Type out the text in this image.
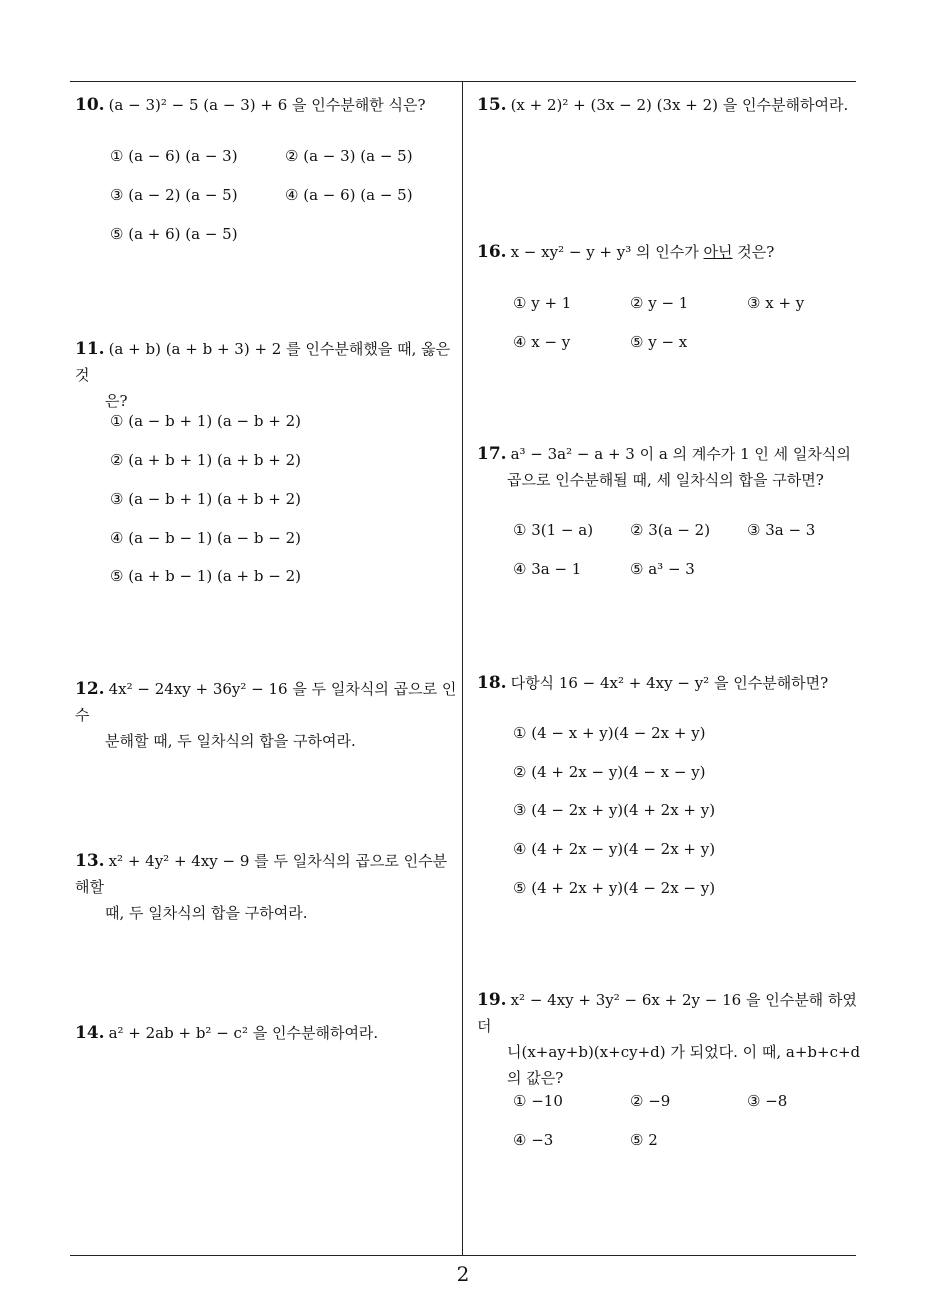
10. (a − 3)² − 5 (a − 3) + 6 을 인수분해한 식은?
① (a − 6) (a − 3)	② (a − 3) (a − 5)
③ (a − 2) (a − 5)	④ (a − 6) (a − 5)
⑤ (a + 6) (a − 5)
11. (a + b) (a + b + 3) + 2 를 인수분해했을 때, 옳은 것
은?
① (a − b + 1) (a − b + 2)
② (a + b + 1) (a + b + 2)
③ (a − b + 1) (a + b + 2)
④ (a − b − 1) (a − b − 2)
⑤ (a + b − 1) (a + b − 2)
12. 4x² − 24xy + 36y² − 16 을 두 일차식의 곱으로 인수
분해할 때, 두 일차식의 합을 구하여라.
13. x² + 4y² + 4xy − 9 를 두 일차식의 곱으로 인수분해할
때, 두 일차식의 합을 구하여라.
14. a² + 2ab + b² − c² 을 인수분해하여라.
15. (x + 2)² + (3x − 2) (3x + 2) 을 인수분해하여라.
16. x − xy² − y + y³ 의 인수가 아닌 것은?
① y + 1	② y − 1	③ x + y
④ x − y	⑤ y − x
17. a³ − 3a² − a + 3 이 a 의 계수가 1 인 세 일차식의
곱으로 인수분해될 때, 세 일차식의 합을 구하면?
① 3(1 − a) ② 3(a − 2) ③ 3a − 3
④ 3a − 1	⑤ a³ − 3
18. 다항식 16 − 4x² + 4xy − y² 을 인수분해하면?
① (4 − x + y)(4 − 2x + y)
② (4 + 2x − y)(4 − x − y)
③ (4 − 2x + y)(4 + 2x + y)
④ (4 + 2x − y)(4 − 2x + y)
⑤ (4 + 2x + y)(4 − 2x − y)
19. x² − 4xy + 3y² − 6x + 2y − 16 을 인수분해 하였더
니(x+ay+b)(x+cy+d) 가 되었다. 이 때, a+b+c+d
의 값은?
① −10	② −9	③ −8
④ −3	⑤ 2
2
